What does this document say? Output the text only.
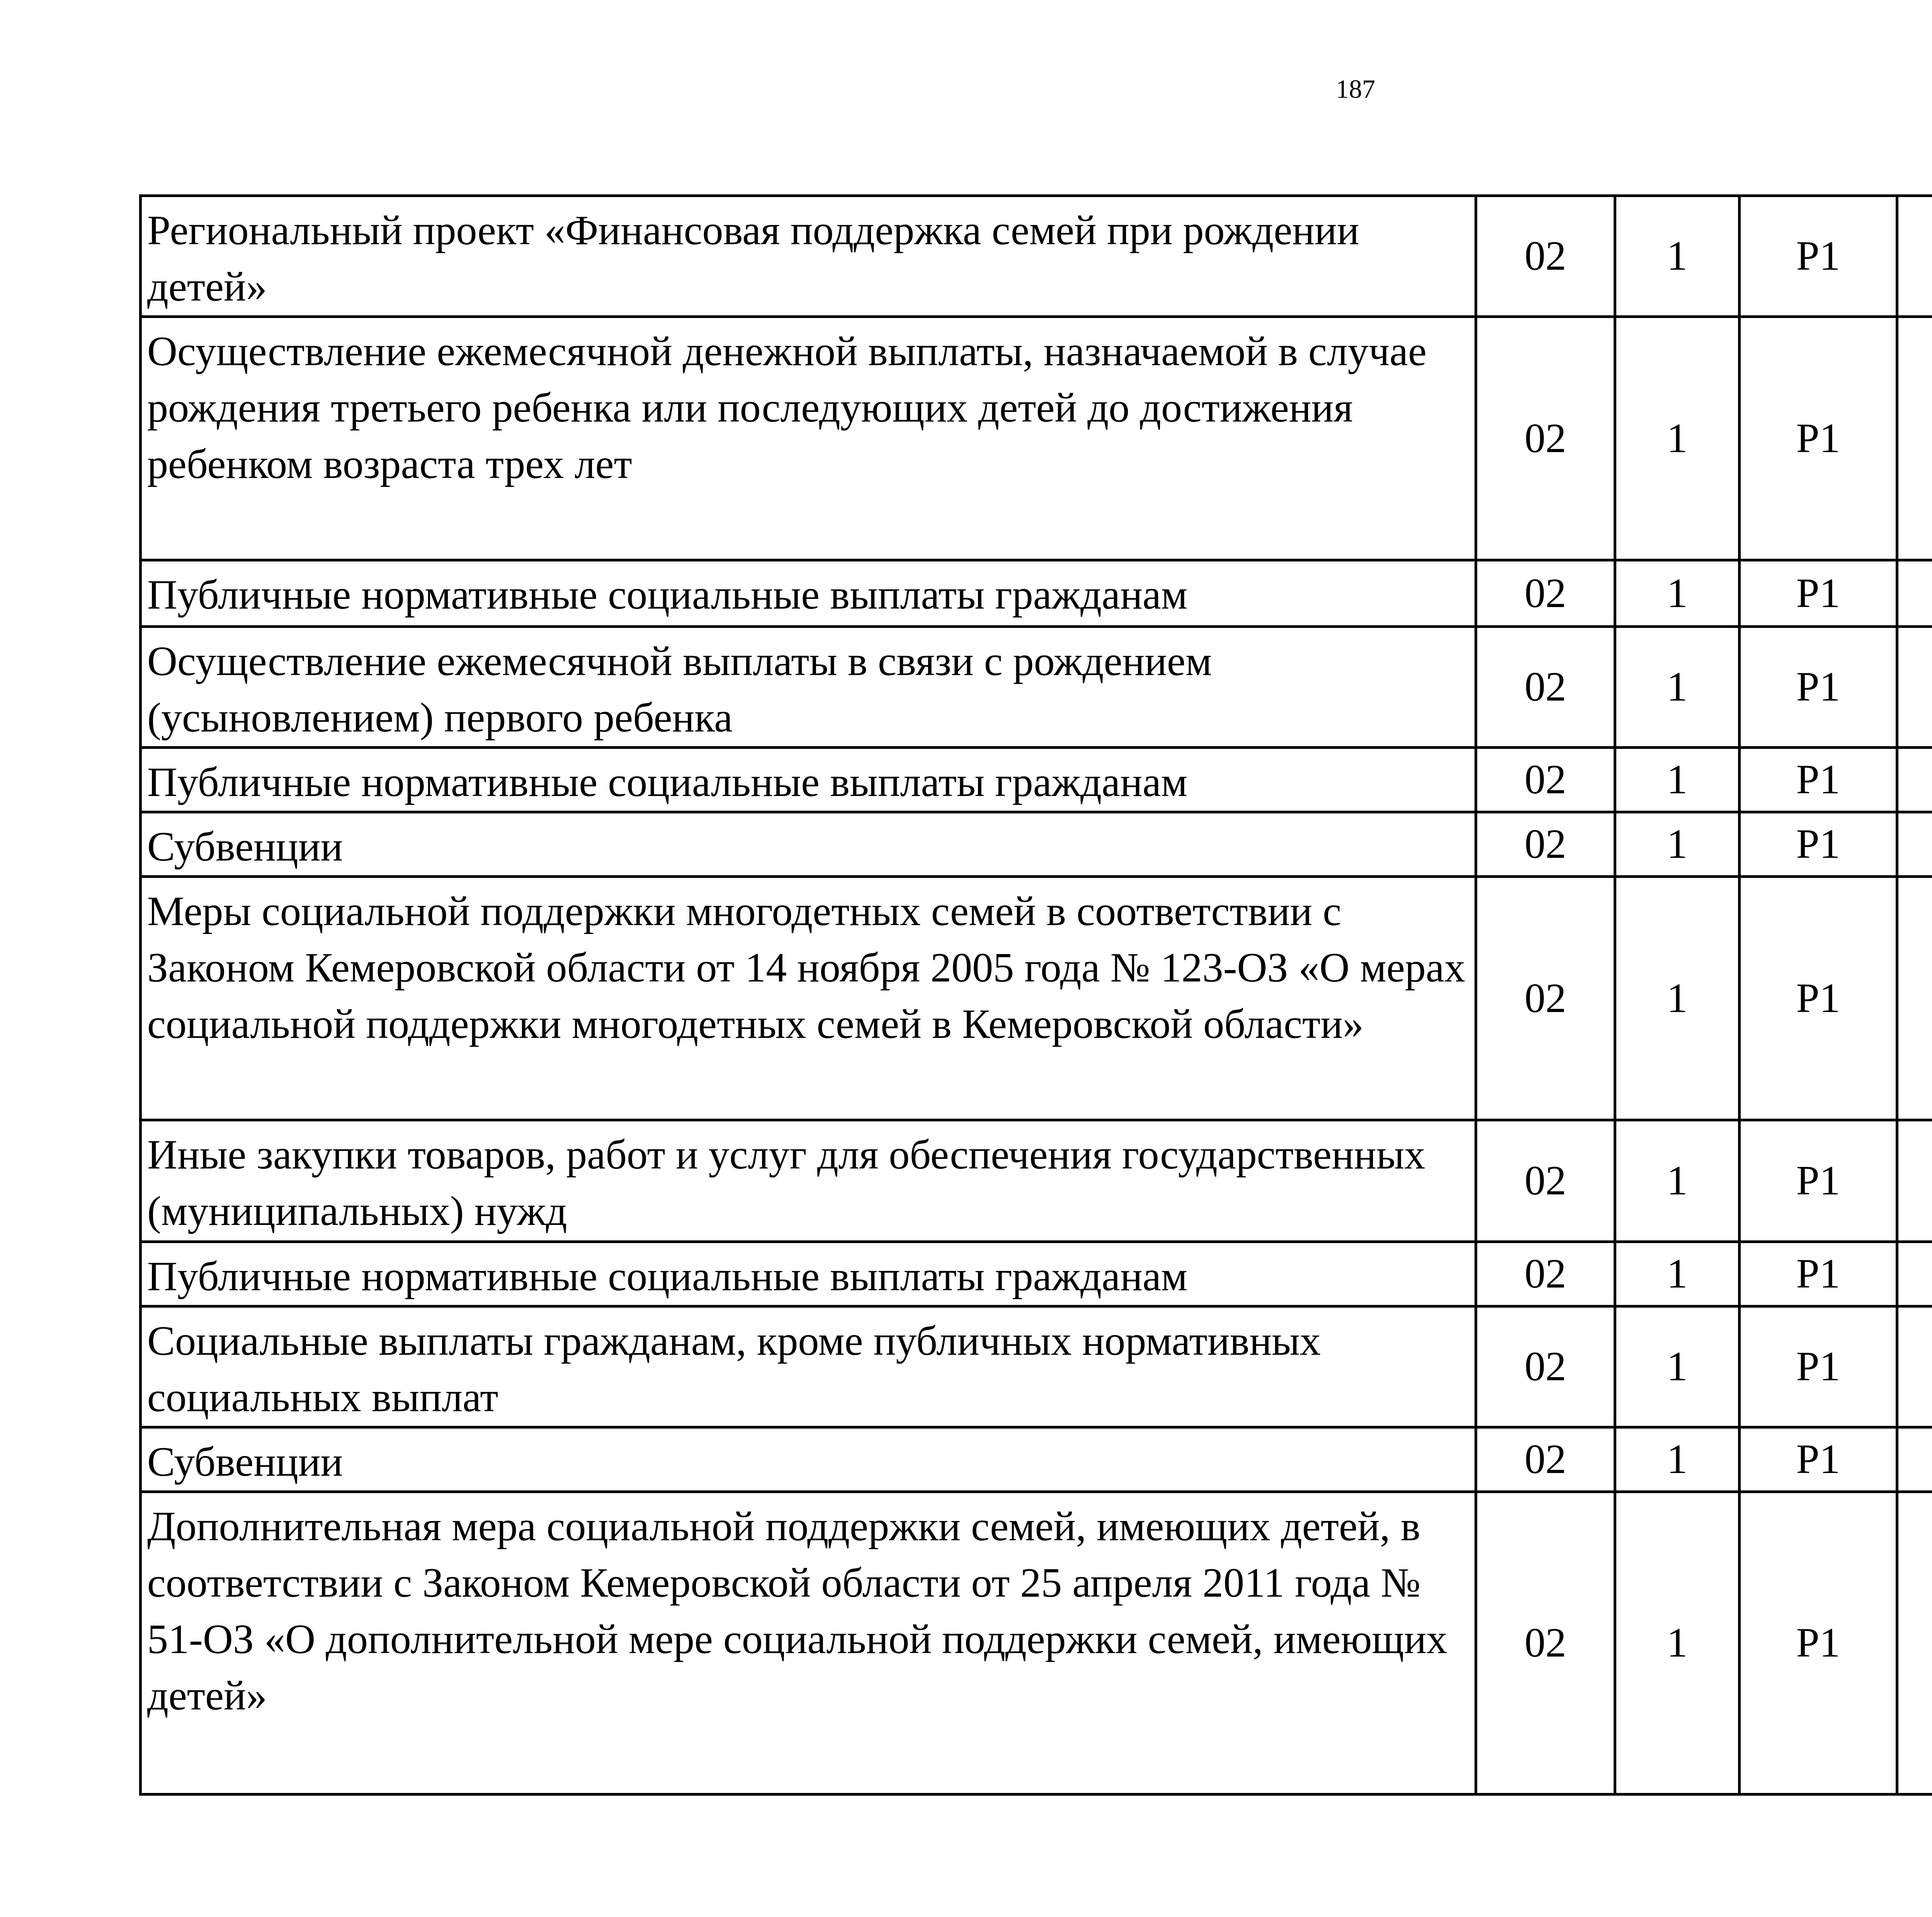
187
Региональный проект «Финансовая поддержка семей при рождении детей»	02	1	P1			
Осуществление ежемесячной денежной выплаты, назначаемой в случае рождения третьего ребенка или последующих детей до достижения ребенком возраста трех лет	02	1	P1			
Публичные нормативные социальные выплаты гражданам	02	1	P1			
Осуществление ежемесячной выплаты в связи с рождением (усыновлением) первого ребенка	02	1	P1			
Публичные нормативные социальные выплаты гражданам	02	1	P1			
Субвенции	02	1	P1			
Меры социальной поддержки многодетных семей в соответствии с Законом Кемеровской области от 14 ноября 2005 года № 123-ОЗ «О мерах социальной поддержки многодетных семей в Кемеровской области»	02	1	P1			
Иные закупки товаров, работ и услуг для обеспечения государственных (муниципальных) нужд	02	1	P1			
Публичные нормативные социальные выплаты гражданам	02	1	P1			
Социальные выплаты гражданам, кроме публичных нормативных социальных выплат	02	1	P1			
Субвенции	02	1	P1			
Дополнительная мера социальной поддержки семей, имеющих детей, в соответствии с Законом Кемеровской области от 25 апреля 2011 года № 51-ОЗ «О дополнительной мере социальной поддержки семей, имеющих детей»	02	1	P1			
